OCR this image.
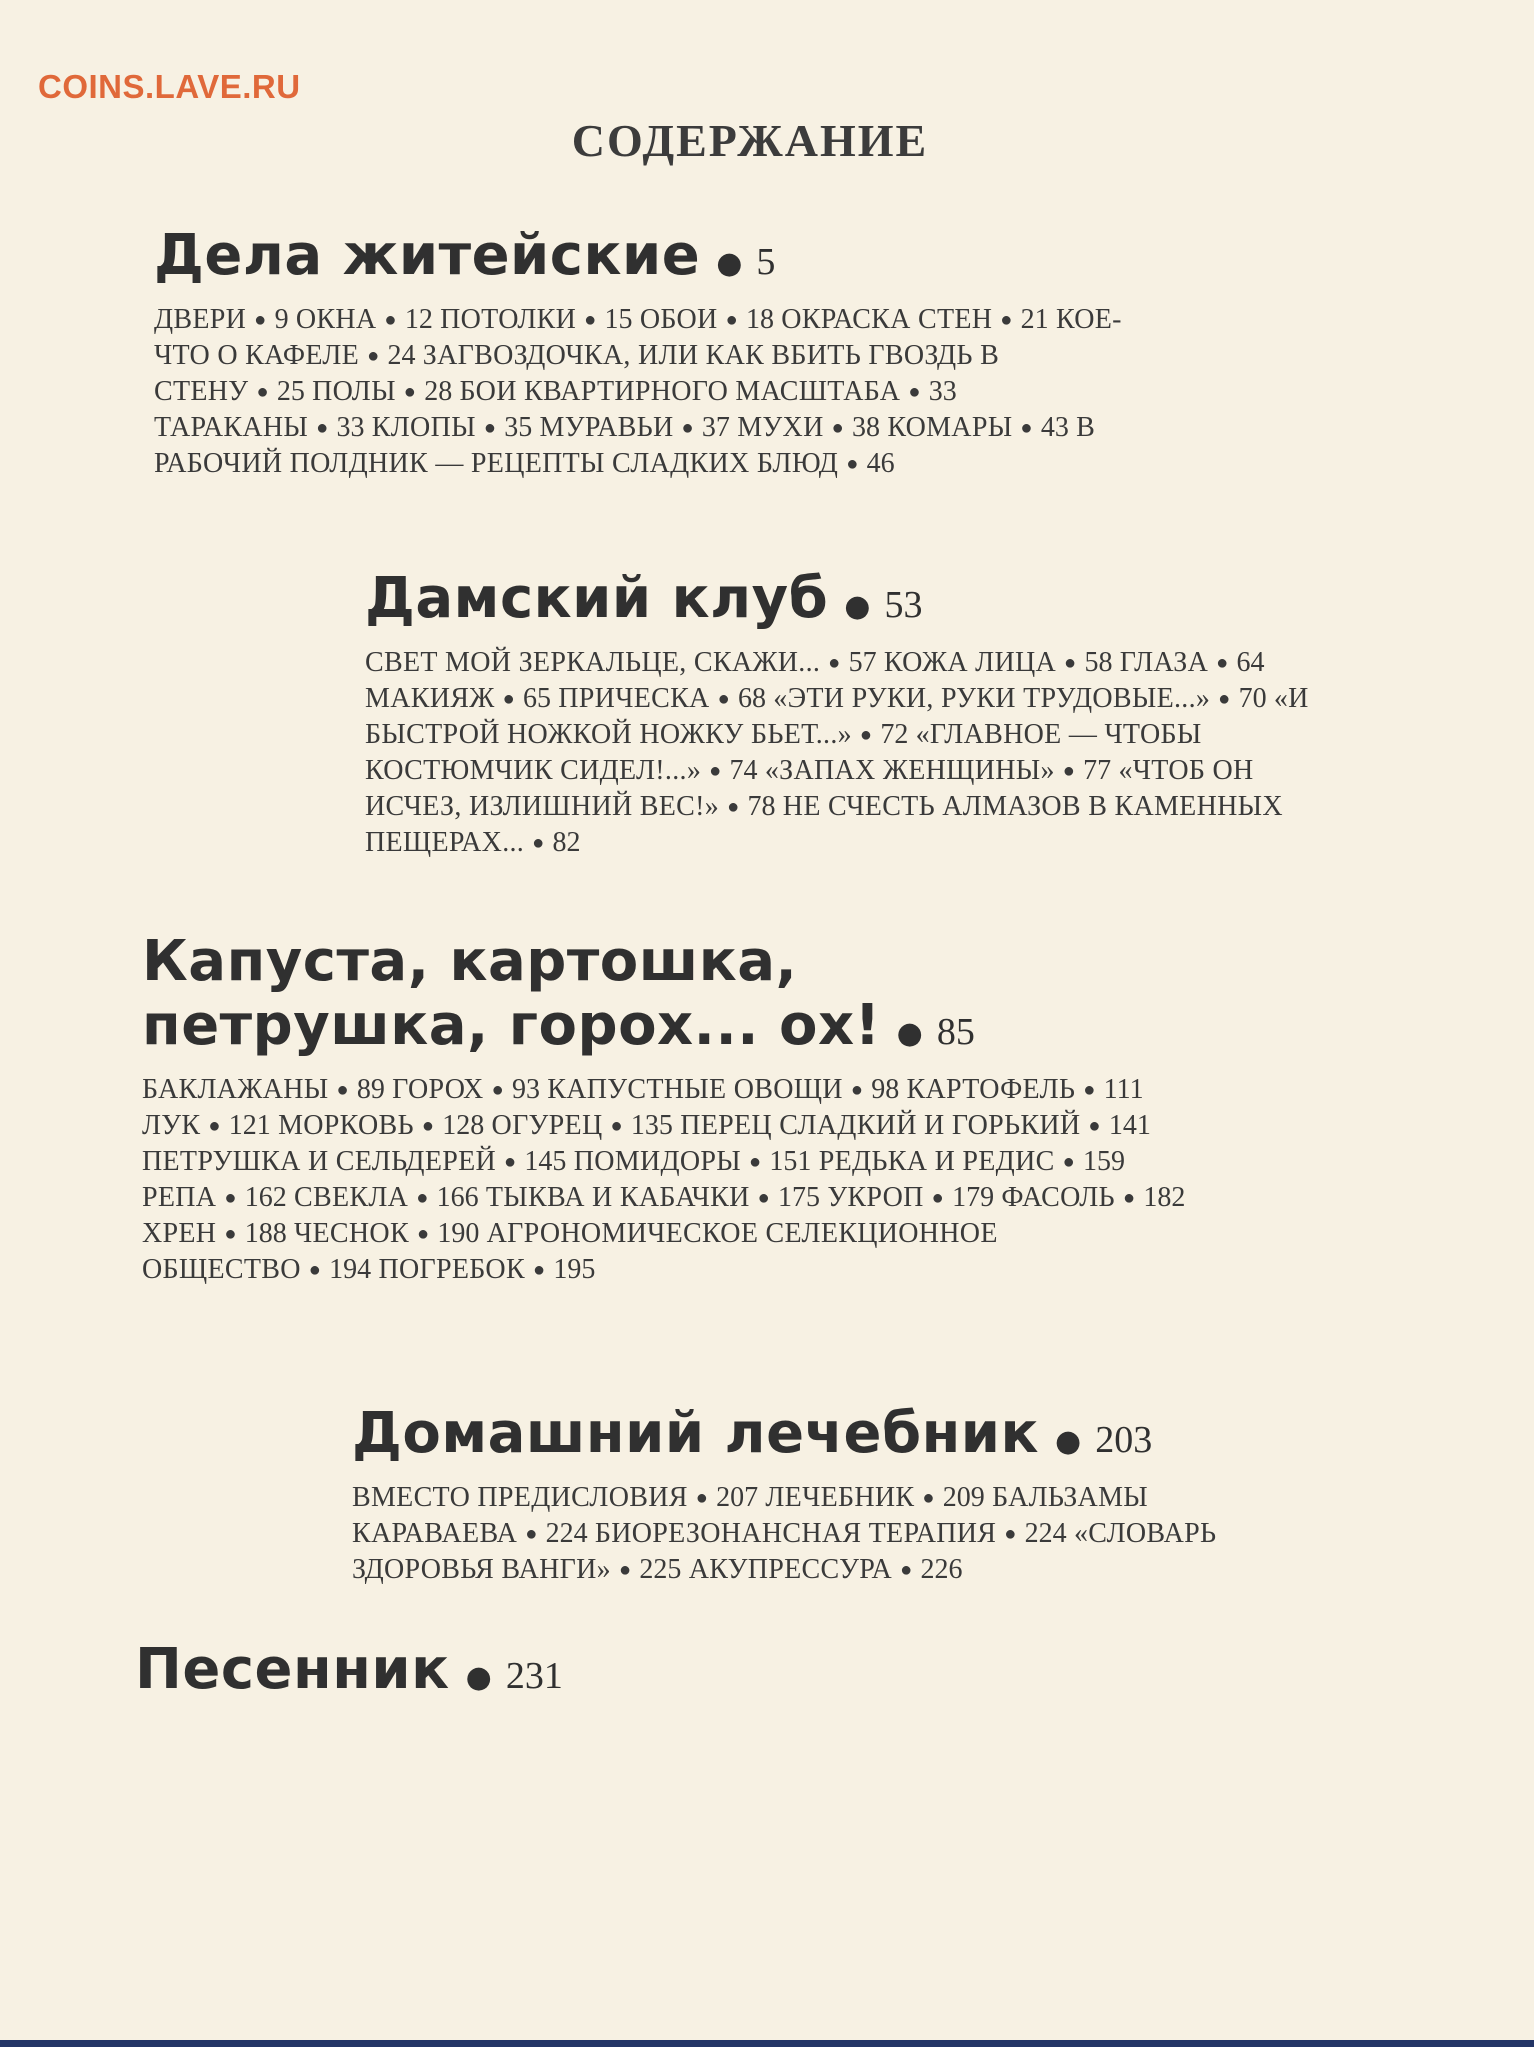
COINS.LAVE.RU
СОДЕРЖАНИЕ
Дела житейские ● 5
ДВЕРИ ● 9 ОКНА ● 12 ПОТОЛКИ ● 15 ОБОИ ● 18 ОКРАСКА СТЕН ● 21 КОЕ-ЧТО О КАФЕЛЕ ● 24 ЗАГВОЗДОЧКА, ИЛИ КАК ВБИТЬ ГВОЗДЬ В СТЕНУ ● 25 ПОЛЫ ● 28 БОИ КВАРТИРНОГО МАСШТАБА ● 33 ТАРАКАНЫ ● 33 КЛОПЫ ● 35 МУРАВЬИ ● 37 МУХИ ● 38 КОМАРЫ ● 43 В РАБОЧИЙ ПОЛДНИК — РЕЦЕПТЫ СЛАДКИХ БЛЮД ● 46
Дамский клуб ● 53
СВЕТ МОЙ ЗЕРКАЛЬЦЕ, СКАЖИ... ● 57 КОЖА ЛИЦА ● 58 ГЛАЗА ● 64 МАКИЯЖ ● 65 ПРИЧЕСКА ● 68 «ЭТИ РУКИ, РУКИ ТРУДОВЫЕ...» ● 70 «И БЫСТРОЙ НОЖКОЙ НОЖКУ БЬЕТ...» ● 72 «ГЛАВНОЕ — ЧТОБЫ КОСТЮМЧИК СИДЕЛ!...» ● 74 «ЗАПАХ ЖЕНЩИНЫ» ● 77 «ЧТОБ ОН ИСЧЕЗ, ИЗЛИШНИЙ ВЕС!» ● 78 НЕ СЧЕСТЬ АЛМАЗОВ В КАМЕННЫХ ПЕЩЕРАХ... ● 82
Капуста, картошка,
петрушка, горох... ох! ● 85
БАКЛАЖАНЫ ● 89 ГОРОХ ● 93 КАПУСТНЫЕ ОВОЩИ ● 98 КАРТОФЕЛЬ ● 111 ЛУК ● 121 МОРКОВЬ ● 128 ОГУРЕЦ ● 135 ПЕРЕЦ СЛАДКИЙ И ГОРЬКИЙ ● 141 ПЕТРУШКА И СЕЛЬДЕРЕЙ ● 145 ПОМИДОРЫ ● 151 РЕДЬКА И РЕДИС ● 159 РЕПА ● 162 СВЕКЛА ● 166 ТЫКВА И КАБАЧКИ ● 175 УКРОП ● 179 ФАСОЛЬ ● 182 ХРЕН ● 188 ЧЕСНОК ● 190 АГРОНОМИЧЕСКОЕ СЕЛЕКЦИОННОЕ ОБЩЕСТВО ● 194 ПОГРЕБОК ● 195
Домашний лечебник ● 203
ВМЕСТО ПРЕДИСЛОВИЯ ● 207 ЛЕЧЕБНИК ● 209 БАЛЬЗАМЫ КАРАВАЕВА ● 224 БИОРЕЗОНАНСНАЯ ТЕРАПИЯ ● 224 «СЛОВАРЬ ЗДОРОВЬЯ ВАНГИ» ● 225 АКУПРЕССУРА ● 226
Песенник ● 231
